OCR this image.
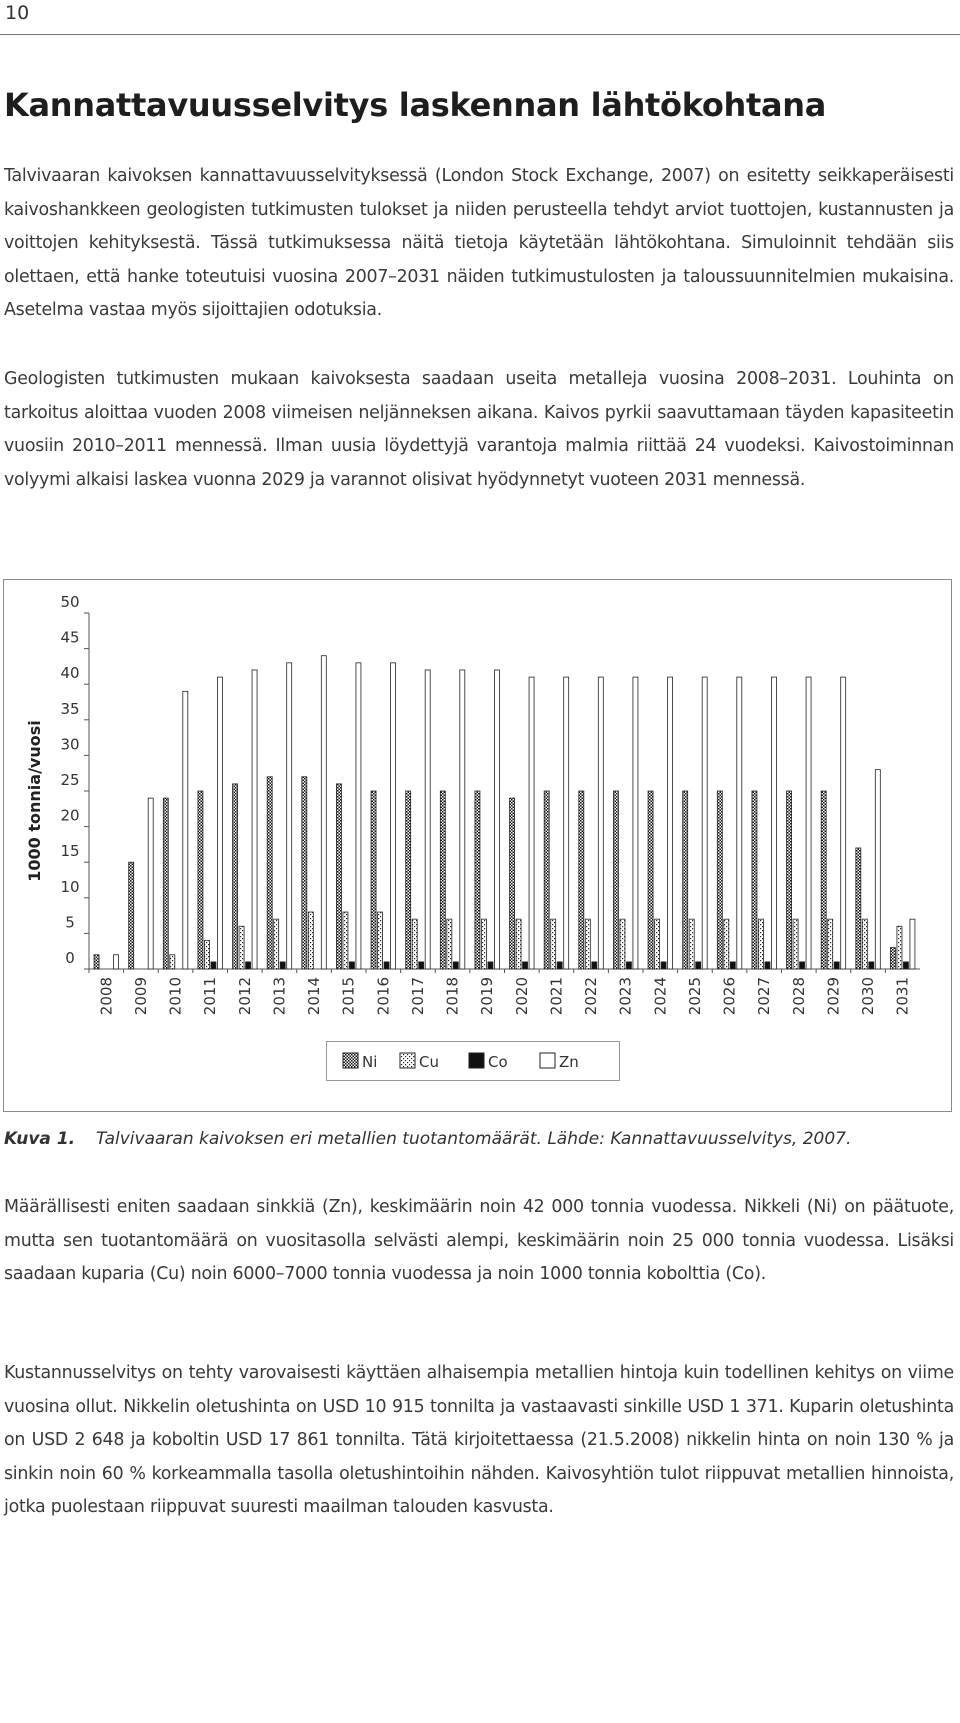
10
Kannattavuusselvitys laskennan lähtökohtana

Talvivaaran kaivoksen kannattavuusselvityksessä (London Stock Exchange, 2007) on esitetty seikkaperäisesti kaivoshankkeen geologisten tutkimusten tulokset ja niiden perusteella tehdyt arviot tuottojen, kustannusten ja voittojen kehityksestä. Tässä tutkimuksessa näitä tietoja käytetään lähtökohtana. Simuloinnit tehdään siis olettaen, että hanke toteutuisi vuosina 2007–2031 näiden tutkimustulosten ja taloussuunnitelmien mukaisina. Asetelma vastaa myös sijoittajien odotuksia.

Geologisten tutkimusten mukaan kaivoksesta saadaan useita metalleja vuosina 2008–2031. Louhinta on tarkoitus aloittaa vuoden 2008 viimeisen neljänneksen aikana. Kaivos pyrkii saavuttamaan täyden kapasiteetin vuosiin 2010–2011 mennessä. Ilman uusia löydettyjä varantoja malmia riittää 24 vuodeksi. Kaivostoiminnan volyymi alkaisi laskea vuonna 2029 ja varannot olisivat hyödynnetyt vuoteen 2031 mennessä.

0
5
10
15
20
25
30
35
40
45
50
1000 tonnia/vuosi
2008 2009 2010 2011 2012 2013 2014 2015 2016 2017 2018 2019 2020 2021 2022 2023 2024 2025 2026 2027 2028 2029 2030 2031
Ni	Cu	Co	Zn
Kuva 1. Talvivaaran kaivoksen eri metallien tuotantomäärät. Lähde: Kannattavuusselvitys, 2007.

Määrällisesti eniten saadaan sinkkiä (Zn), keskimäärin noin 42 000 tonnia vuodessa. Nikkeli (Ni) on päätuote, mutta sen tuotantomäärä on vuositasolla selvästi alempi, keskimäärin noin 25 000 tonnia vuodessa. Lisäksi saadaan kuparia (Cu) noin 6000–7000 tonnia vuodessa ja noin 1000 tonnia kobolttia (Co).

Kustannusselvitys on tehty varovaisesti käyttäen alhaisempia metallien hintoja kuin todellinen kehitys on viime vuosina ollut. Nikkelin oletushinta on USD 10 915 tonnilta ja vastaavasti sinkille USD 1 371. Kuparin oletushinta on USD 2 648 ja koboltin USD 17 861 tonnilta. Tätä kirjoitettaessa (21.5.2008) nikkelin hinta on noin 130 % ja sinkin noin 60 % korkeammalla tasolla oletushintoihin nähden. Kaivosyhtiön tulot riippuvat metallien hinnoista, jotka puolestaan riippuvat suuresti maailman talouden kasvusta.
